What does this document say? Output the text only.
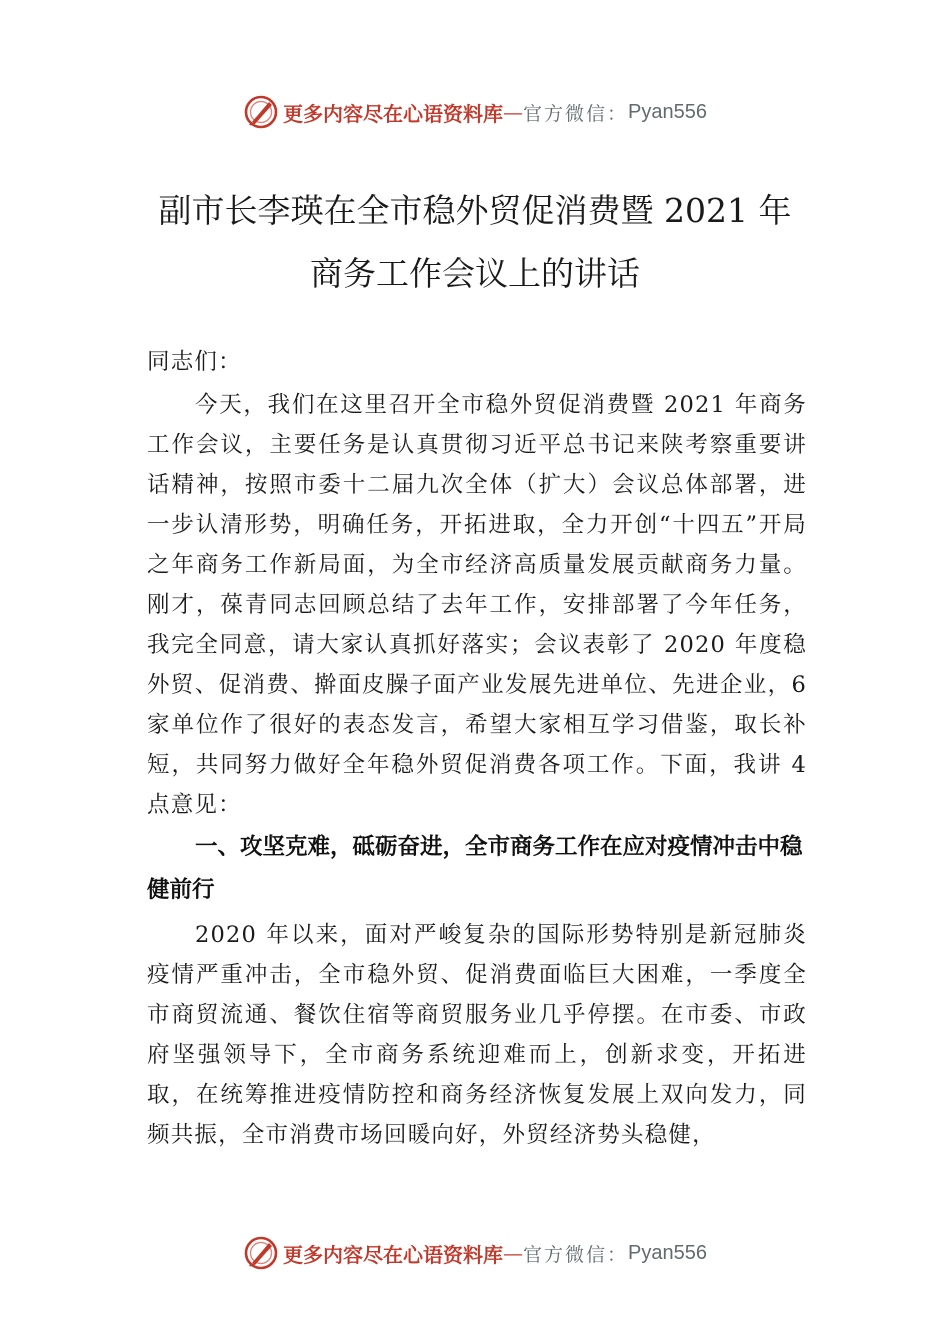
更多内容尽在心语资料库 — 官方微信： Pyan556
副市长李瑛在全市稳外贸促消费暨 2021 年
商务工作会议上的讲话

同志们：

今天，我们在这里召开全市稳外贸促消费暨 2021 年商务工作会议，主要任务是认真贯彻习近平总书记来陕考察重要讲话精神，按照市委十二届九次全体（扩大）会议总体部署，进一步认清形势，明确任务，开拓进取，全力开创“十四五”开局之年商务工作新局面，为全市经济高质量发展贡献商务力量。刚才，葆青同志回顾总结了去年工作，安排部署了今年任务，我完全同意，请大家认真抓好落实；会议表彰了 2020 年度稳外贸、促消费、擀面皮臊子面产业发展先进单位、先进企业，6 家单位作了很好的表态发言，希望大家相互学习借鉴，取长补短，共同努力做好全年稳外贸促消费各项工作。下面，我讲 4 点意见：

一、攻坚克难，砥砺奋进，全市商务工作在应对疫情冲击中稳健前行

2020 年以来，面对严峻复杂的国际形势特别是新冠肺炎疫情严重冲击，全市稳外贸、促消费面临巨大困难，一季度全市商贸流通、餐饮住宿等商贸服务业几乎停摆。在市委、市政府坚强领导下，全市商务系统迎难而上，创新求变，开拓进取，在统筹推进疫情防控和商务经济恢复发展上双向发力，同频共振，全市消费市场回暖向好，外贸经济势头稳健，

更多内容尽在心语资料库 — 官方微信： Pyan556
